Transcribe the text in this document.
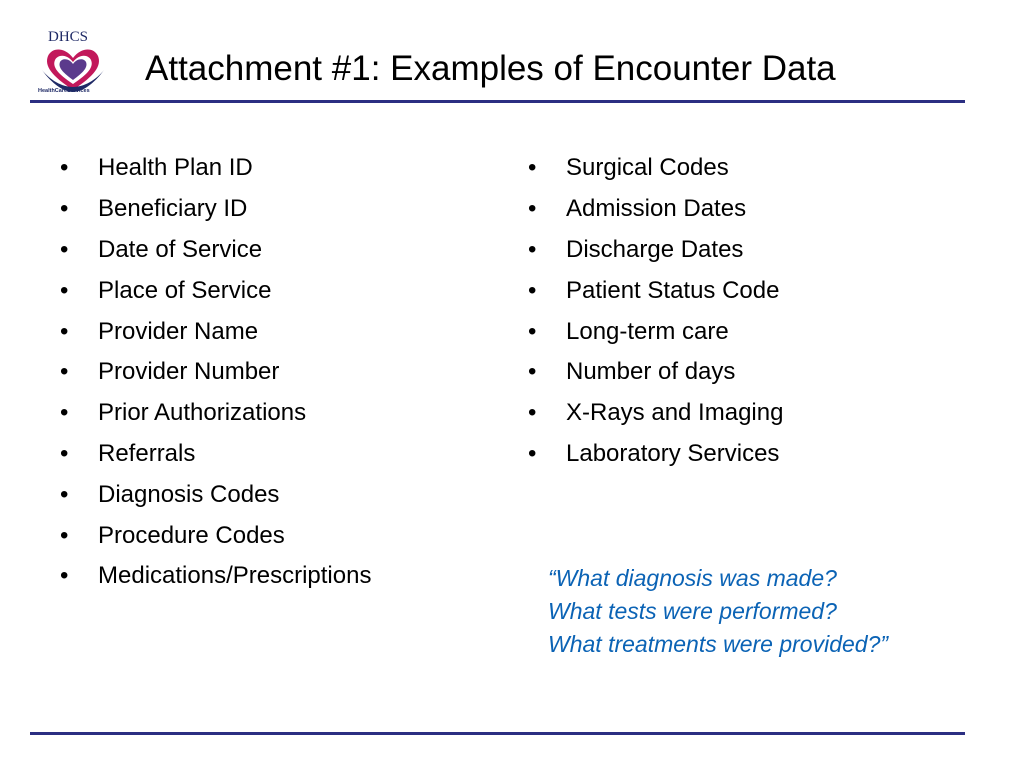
DHCS
HealthCareServices
Attachment #1: Examples of Encounter Data
•	Health Plan ID
•	Beneficiary ID
•	Date of Service
•	Place of Service
•	Provider Name
•	Provider Number
•	Prior Authorizations
•	Referrals
•	Diagnosis Codes
•	Procedure Codes
•	Medications/Prescriptions
•	Surgical Codes
•	Admission Dates
•	Discharge Dates
•	Patient Status Code
•	Long-term care
•	Number of days
•	X-Rays and Imaging
•	Laboratory Services
“What diagnosis was made?
What tests were performed?
What treatments were provided?”
